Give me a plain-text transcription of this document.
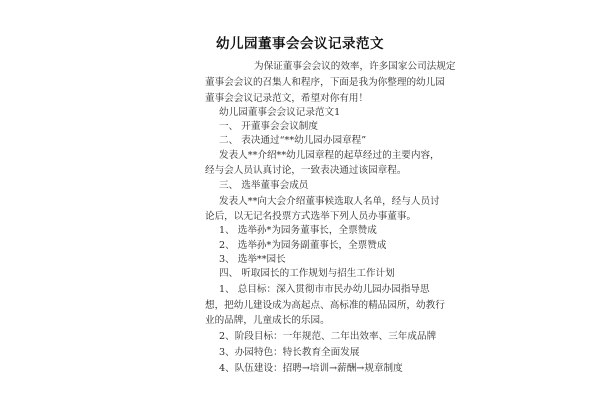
幼儿园董事会会议记录范文
为保证董事会会议的效率，许多国家公司法规定
董事会会议的召集人和程序，下面是我为你整理的幼儿园
董事会会议记录范文，希望对你有用！
幼儿园董事会会议记录范文1
一、 开董事会会议制度
二、 表决通过“**幼儿园办园章程”
发表人**介绍**幼儿园章程的起草经过的主要内容，
经与会人员认真讨论，一致表决通过该园章程。
三、 选举董事会成员
发表人**向大会介绍董事候选取人名单，经与人员讨
论后，以无记名投票方式选举下列人员办事董事。
1、 选举孙*为园务董事长，全票赞成
2、 选举孙*为园务副董事长，全票赞成
3、 选举**园长
四、 听取园长的工作规划与招生工作计划
1、 总目标：深入贯彻市市民办幼儿园办园指导思
想，把幼儿建设成为高起点、高标准的精品园所，幼教行
业的品牌，儿童成长的乐园。
2、阶段目标：一年规范、二年出效率、三年成品牌
3、办园特色：特长教育全面发展
4、队伍建设：招聘→培训→薪酬→规章制度
